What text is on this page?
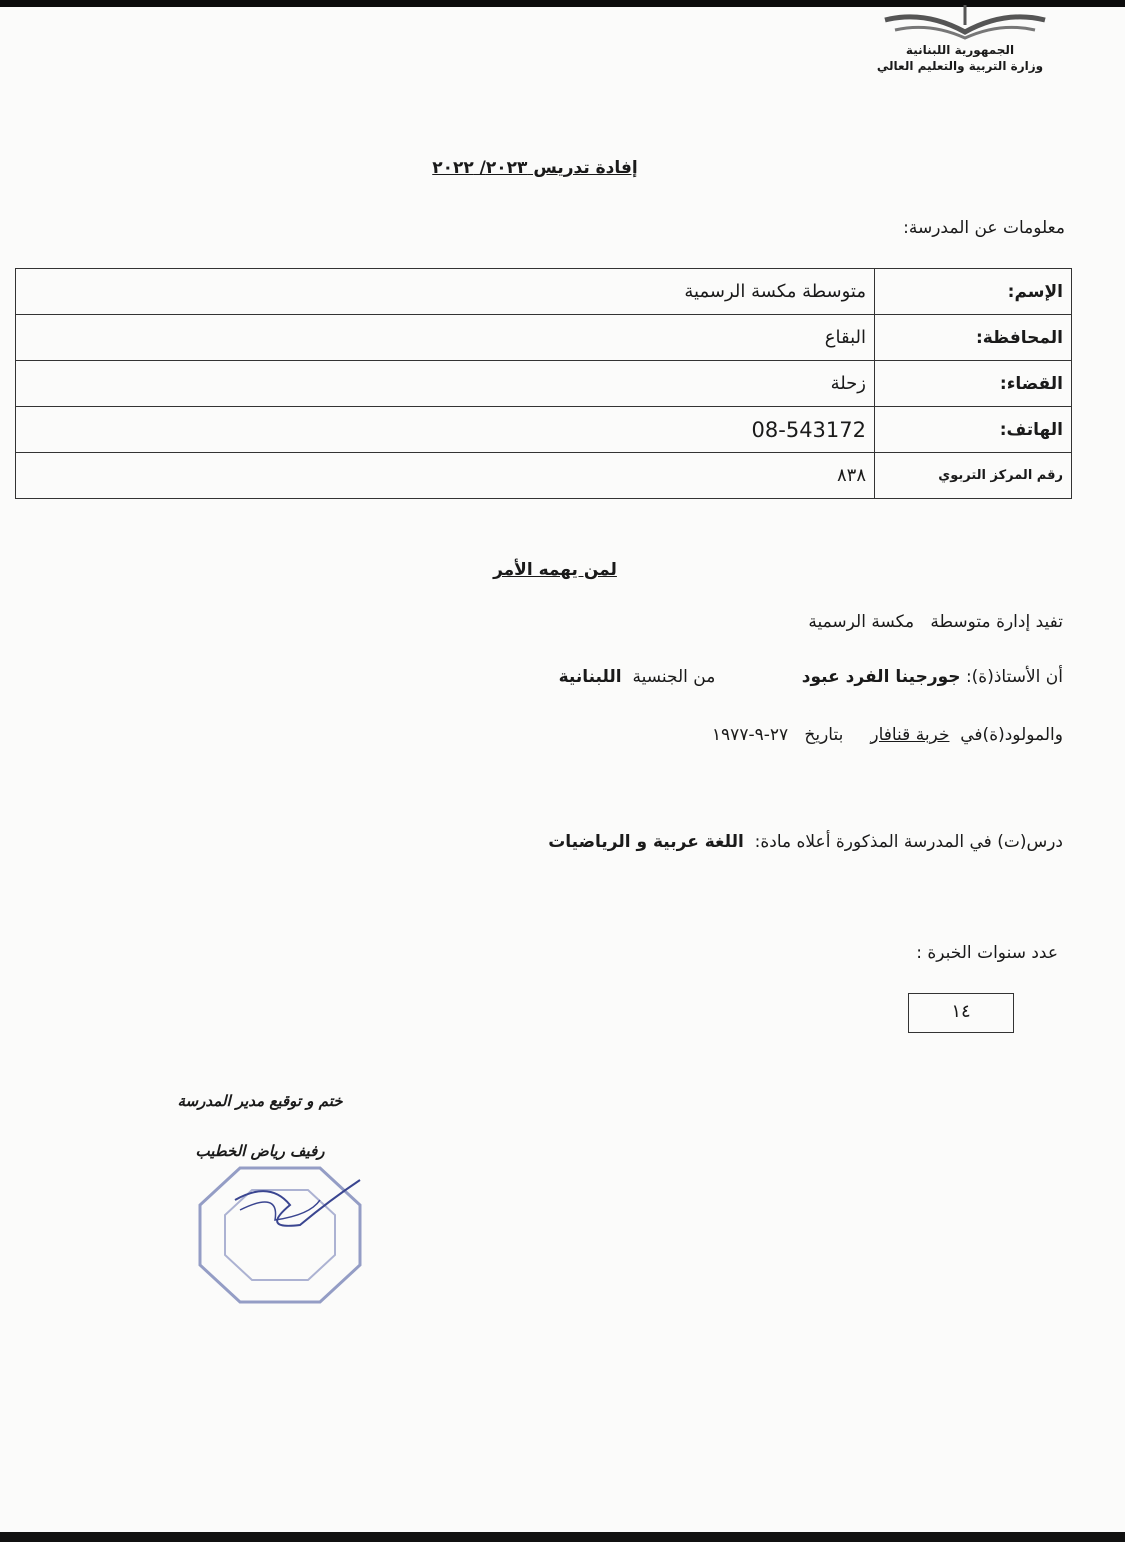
الجمهورية اللبنانية
وزارة التربية والتعليم العالي
إفادة تدريس ٢٠٢٣/ ٢٠٢٢
معلومات عن المدرسة:
الإسم:	متوسطة مكسة الرسمية
المحافظة:	البقاع
القضاء:	زحلة
الهاتف:	08-543172
رقم المركز التربوي	٨٣٨
لمن يهمه الأمر
تفيد إدارة متوسطة   مكسة الرسمية
أن الأستاذ(ة): جورجينا الفرد عبود                من الجنسية  اللبنانية
والمولود(ة)في  خربة قنافار     بتاريخ   ٢٧-٩-١٩٧٧
درس(ت) في المدرسة المذكورة أعلاه مادة:  اللغة عربية و الرياضيات
عدد سنوات الخبرة :
١٤
ختم و توقيع مدير المدرسة
رفيف رياض الخطيب
